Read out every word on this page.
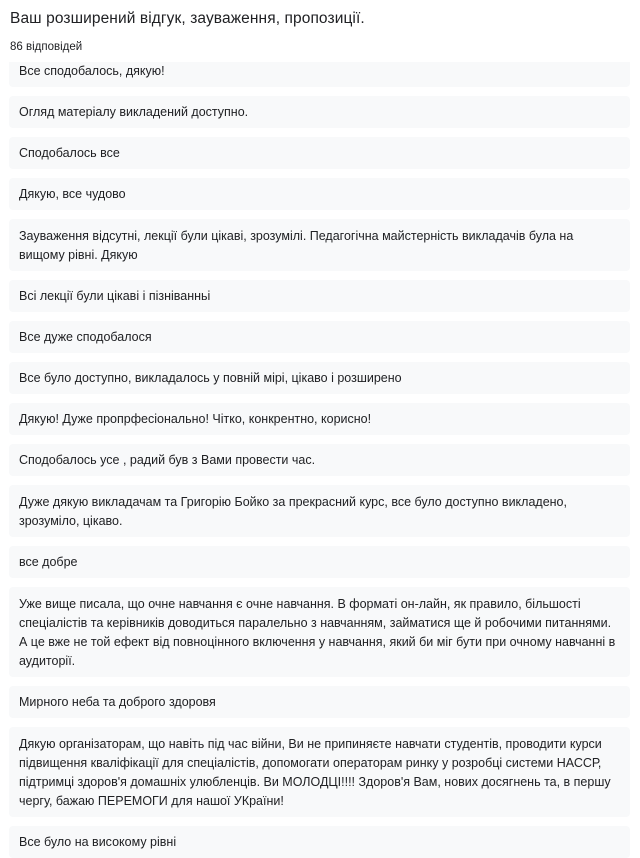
Ваш розширений відгук, зауваження, пропозиції.
86 відповідей
Все сподобалось, дякую!
Огляд матеріалу викладений доступно.
Сподобалось все
Дякую, все чудово
Зауваження відсутні, лекції були цікаві, зрозумілі. Педагогічна майстерність викладачів була на вищому рівні. Дякую
Всі лекції були цікаві і пізніванньі
Все дуже сподобалося
Все було доступно, викладалось у повній мірі, цікаво і розширено
Дякую! Дуже пропрфесіонально! Чітко, конкрентно, корисно!
Сподобалось усе , радий був з Вами провести час.
Дуже дякую викладачам та Григорію Бойко за прекрасний курс, все було доступно викладено, зрозуміло, цікаво.
все добре
Уже вище писала, що очне навчання є очне навчання. В форматі он-лайн, як правило, більшості спеціалістів та керівників доводиться паралельно з навчанням, займатися ще й робочими питаннями. А це вже не той ефект від повноцінного включення у навчання, який би міг бути при очному навчанні в аудиторії.
Мирного неба та доброго здоровя
Дякую організаторам, що навіть під час війни, Ви не припиняєте навчати студентів, проводити курси підвищення кваліфікації для спеціалістів, допомогати операторам ринку у розробці системи НАССР, підтримці здоров'я домашніх улюбленців. Ви МОЛОДЦІ!!!! Здоров'я Вам, нових досягнень та, в першу чергу, бажаю ПЕРЕМОГИ для нашої УКраїни!
Все було на високому рівні
